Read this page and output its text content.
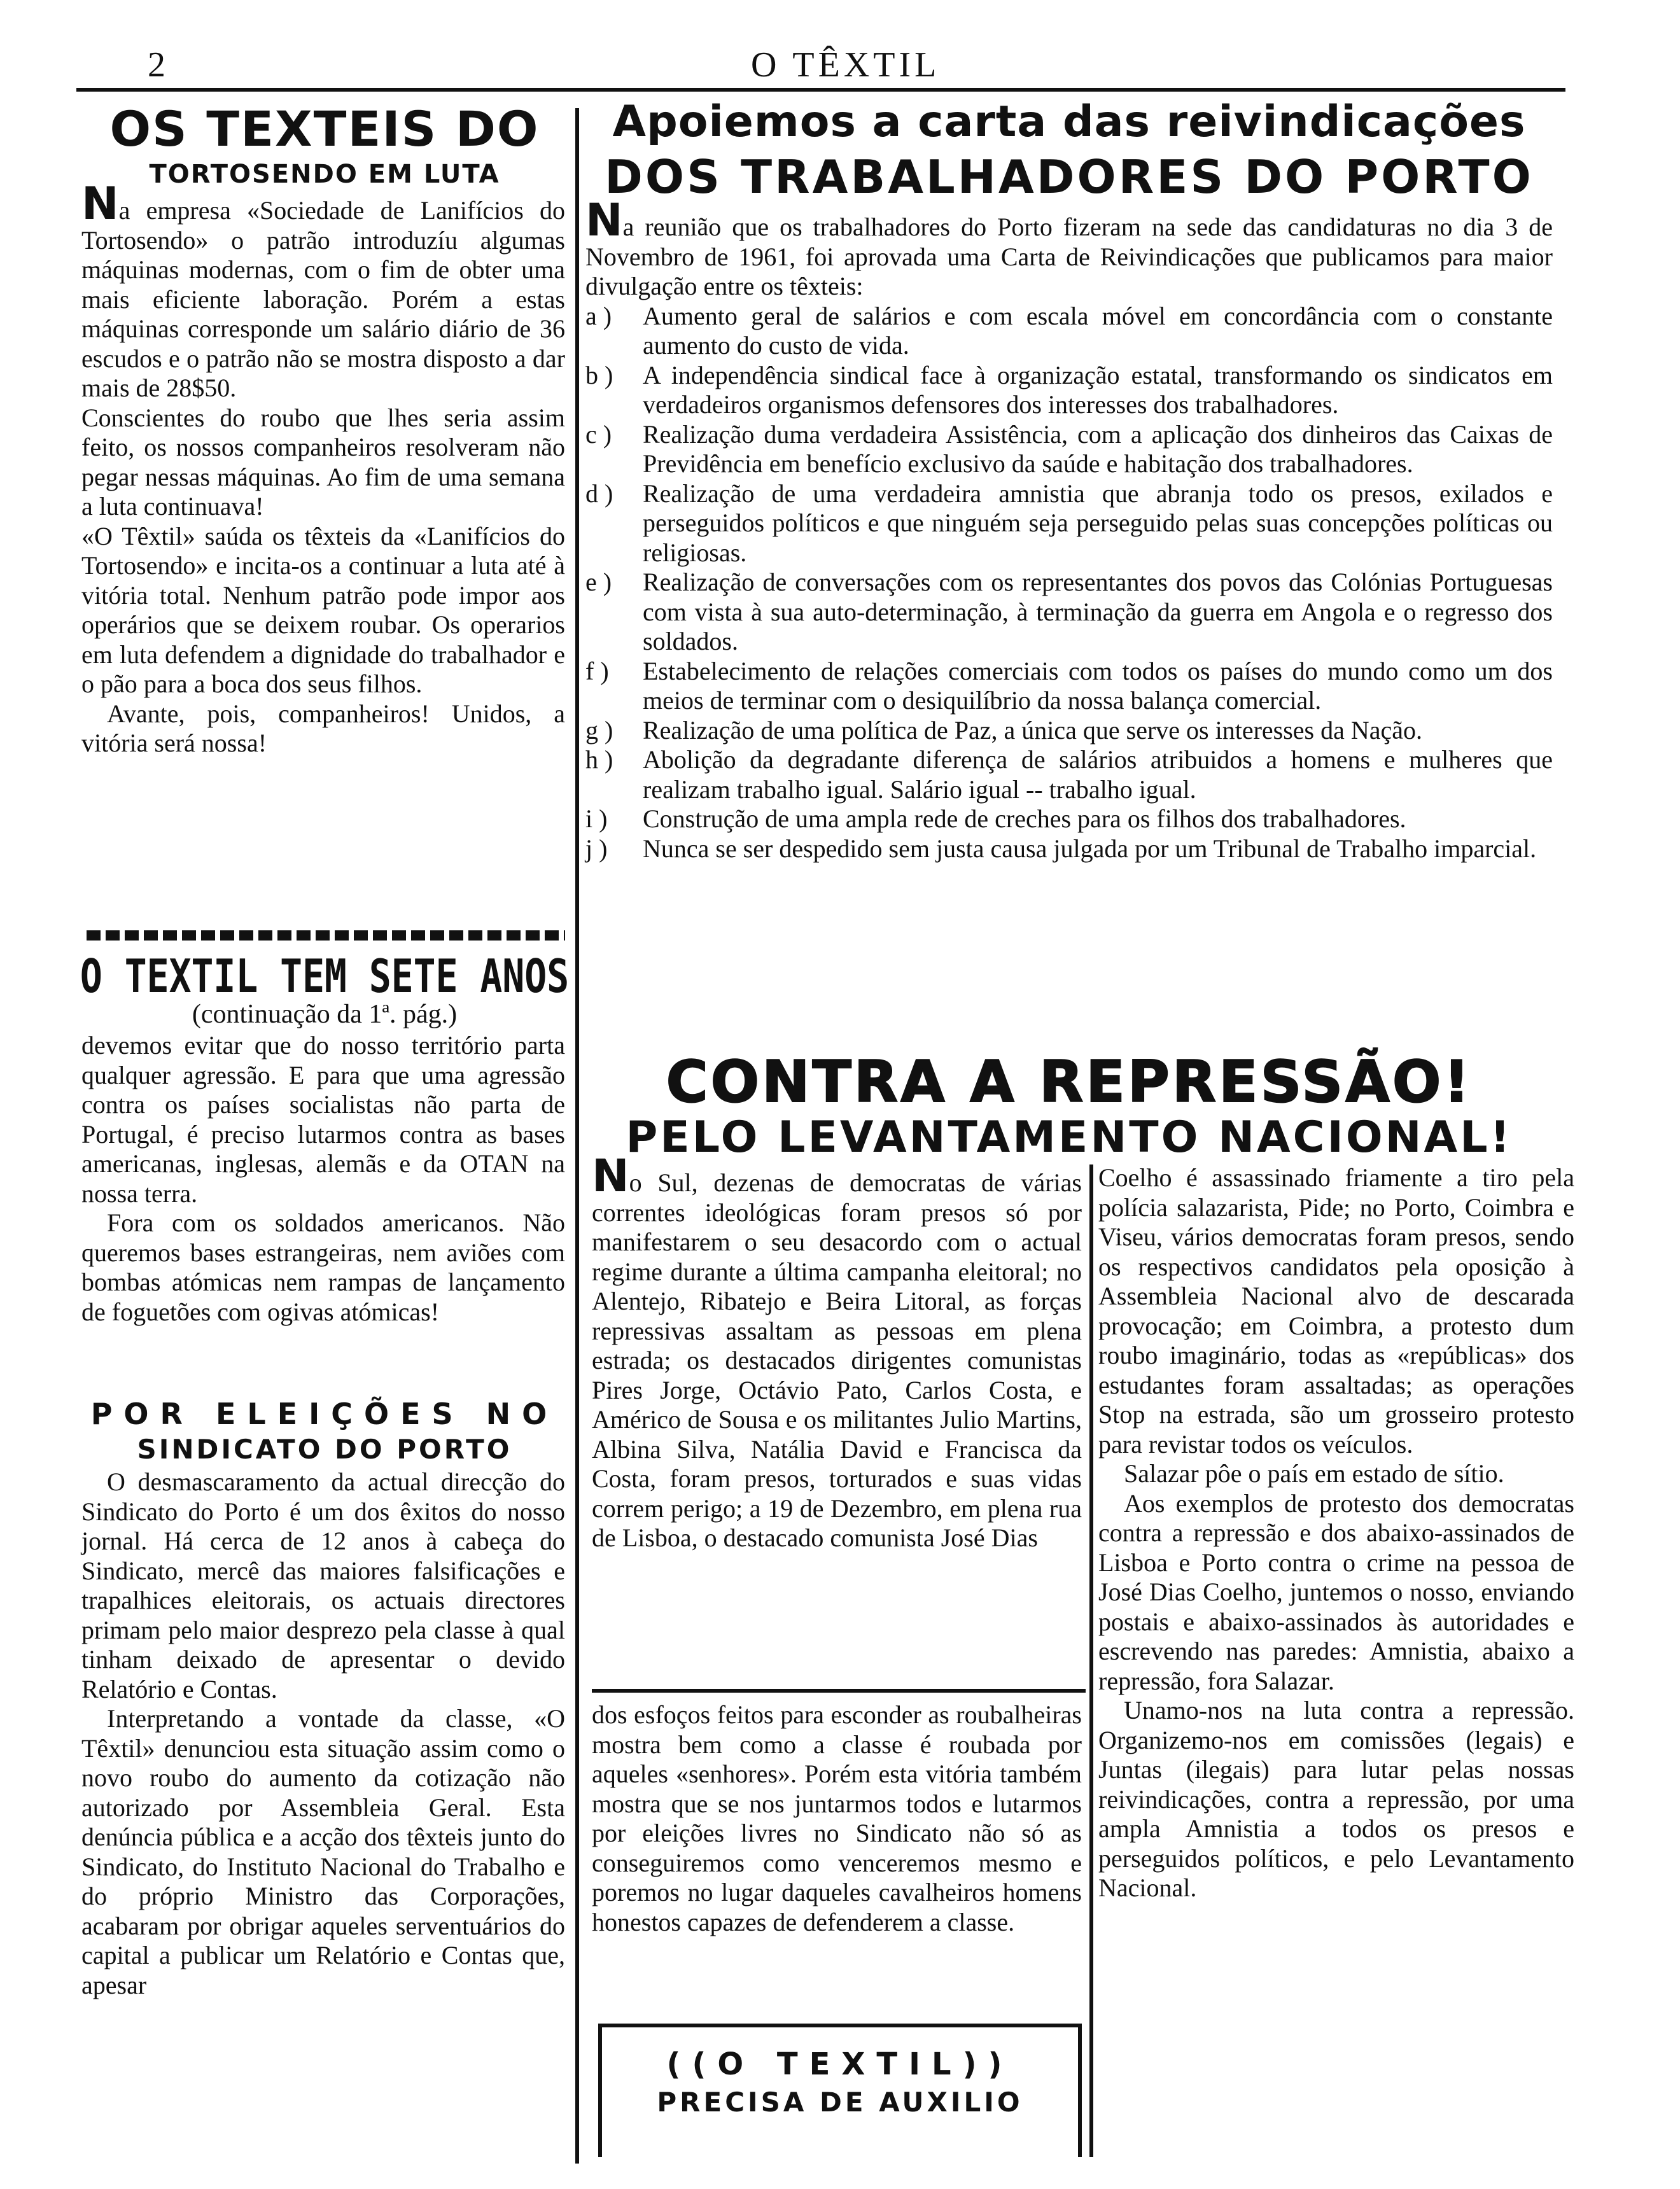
2	O TÊXTIL
OS TEXTEIS DO
TORTOSENDO EM LUTA

Na empresa «Sociedade de Lanifícios do Tortosendo» o patrão introduzíu algumas máquinas modernas, com o fim de obter uma mais eficiente laboração. Porém a estas máquinas corresponde um salário diário de 36 escudos e o patrão não se mostra disposto a dar mais de 28$50.

Conscientes do roubo que lhes seria assim feito, os nossos companheiros resolveram não pegar nessas máquinas. Ao fim de uma semana a luta continuava!

«O Têxtil» saúda os têxteis da «Lanifícios do Tortosendo» e incita-os a continuar a luta até à vitória total. Nenhum patrão pode impor aos operários que se deixem roubar. Os operarios em luta defendem a dignidade do trabalhador e o pão para a boca dos seus filhos.

Avante, pois, companheiros! Unidos, a vitória será nossa!

O TEXTIL TEM SETE ANOS
(continuação da 1ª. pág.)

devemos evitar que do nosso território parta qualquer agressão. E para que uma agressão contra os países socialistas não parta de Portugal, é preciso lutarmos contra as bases americanas, inglesas, alemãs e da OTAN na nossa terra.

Fora com os soldados americanos. Não queremos bases estrangeiras, nem aviões com bombas atómicas nem rampas de lançamento de foguetões com ogivas atómicas!

POR ELEIÇÕES NO
SINDICATO DO PORTO

O desmascaramento da actual direcção do Sindicato do Porto é um dos êxitos do nosso jornal. Há cerca de 12 anos à cabeça do Sindicato, mercê das maiores falsificações e trapalhices eleitorais, os actuais directores primam pelo maior desprezo pela classe à qual tinham deixado de apresentar o devido Relatório e Contas.

Interpretando a vontade da classe, «O Têxtil» denunciou esta situação assim como o novo roubo do aumento da cotização não autorizado por Assembleia Geral. Esta denúncia pública e a acção dos têxteis junto do Sindicato, do Instituto Nacional do Trabalho e do próprio Ministro das Corporações, acabaram por obrigar aqueles serventuários do capital a publicar um Relatório e Contas que, apesar

Apoiemos a carta das reivindicações
DOS TRABALHADORES DO PORTO

Na reunião que os trabalhadores do Porto fizeram na sede das candidaturas no dia 3 de Novembro de 1961, foi aprovada uma Carta de Reivindicações que publicamos para maior divulgação entre os têxteis:

a )	Aumento geral de salários e com escala móvel em concordância com o constante aumento do custo de vida.
b )	A independência sindical face à organização estatal, transformando os sindicatos em verdadeiros organismos defensores dos interesses dos trabalhadores.
c )	Realização duma verdadeira Assistência, com a aplicação dos dinheiros das Caixas de Previdência em benefício exclusivo da saúde e habitação dos trabalhadores.
d )	Realização de uma verdadeira amnistia que abranja todo os presos, exilados e perseguidos políticos e que ninguém seja perseguido pelas suas concepções políticas ou religiosas.
e )	Realização de conversações com os representantes dos povos das Colónias Portuguesas com vista à sua auto-determinação, à terminação da guerra em Angola e o regresso dos soldados.
f )	Estabelecimento de relações comerciais com todos os países do mundo como um dos meios de terminar com o desiquilíbrio da nossa balança comercial.
g )	Realização de uma política de Paz, a única que serve os interesses da Nação.
h )	Abolição da degradante diferença de salários atribuidos a homens e mulheres que realizam trabalho igual. Salário igual -- trabalho igual.
i )	Construção de uma ampla rede de creches para os filhos dos trabalhadores.
j )	Nunca se ser despedido sem justa causa julgada por um Tribunal de Trabalho imparcial.
CONTRA A REPRESSÃO!
PELO LEVANTAMENTO NACIONAL!

No Sul, dezenas de democratas de várias correntes ideológicas foram presos só por manifestarem o seu desacordo com o actual regime durante a última campanha eleitoral; no Alentejo, Ribatejo e Beira Litoral, as forças repressivas assaltam as pessoas em plena estrada; os destacados dirigentes comunistas Pires Jorge, Octávio Pato, Carlos Costa, e Américo de Sousa e os militantes Julio Martins, Albina Silva, Natália David e Francisca da Costa, foram presos, torturados e suas vidas correm perigo; a 19 de Dezembro, em plena rua de Lisboa, o destacado comunista José Dias

dos esfoços feitos para esconder as roubalheiras mostra bem como a classe é roubada por aqueles «senhores». Porém esta vitória também mostra que se nos juntarmos todos e lutarmos por eleições livres no Sindicato não só as conseguiremos como venceremos mesmo e poremos no lugar daqueles cavalheiros homens honestos capazes de defenderem a classe.

((O TEXTIL))
PRECISA DE AUXILIO

Coelho é assassinado friamente a tiro pela polícia salazarista, Pide; no Porto, Coimbra e Viseu, vários democratas foram presos, sendo os respectivos candidatos pela oposição à Assembleia Nacional alvo de descarada provocação; em Coimbra, a protesto dum roubo imaginário, todas as «repúblicas» dos estudantes foram assaltadas; as operações Stop na estrada, são um grosseiro protesto para revistar todos os veículos.

Salazar pôe o país em estado de sítio.

Aos exemplos de protesto dos democratas contra a repressão e dos abaixo-assinados de Lisboa e Porto contra o crime na pessoa de José Dias Coelho, juntemos o nosso, enviando postais e abaixo-assinados às autoridades e escrevendo nas paredes: Amnistia, abaixo a repressão, fora Salazar.

Unamo-nos na luta contra a repressão. Organizemo-nos em comissões (legais) e Juntas (ilegais) para lutar pelas nossas reivindicações, contra a repressão, por uma ampla Amnistia a todos os presos e perseguidos políticos, e pelo Levantamento Nacional.
